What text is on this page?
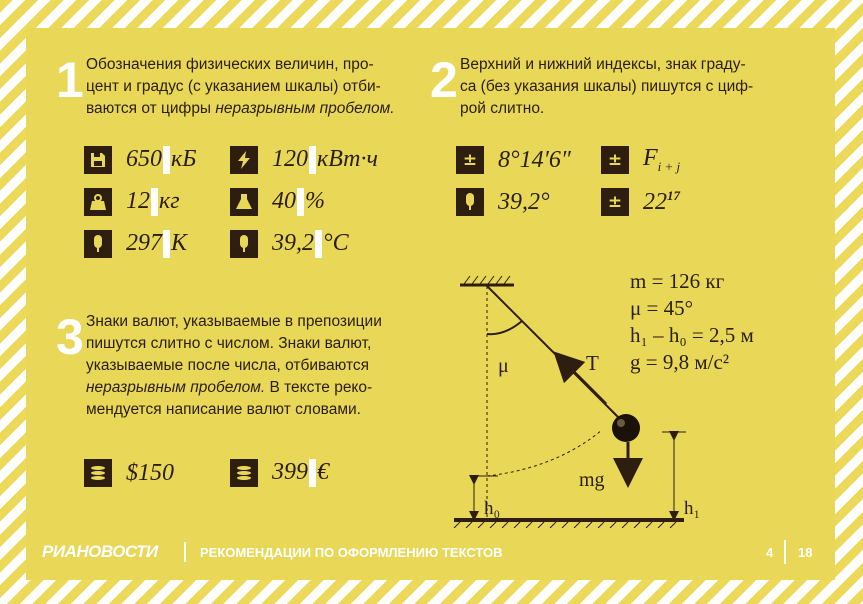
1 Обозначения физических величин, про-
цент и градус (с указанием шкалы) отби-
ваются от цифры неразрывным пробелом.
650 кБ	120 кВт·ч
12 кг	40 %
297 К	39,2 °С
2 Верхний и нижний индексы, знак граду-
са (без указания шкалы) пишутся с циф-
рой слитно.
± 8°14′6″	± $F_{i + j}$
39,2°	± $22^{17}$
3 Знаки валют, указываемые в препозиции
пишутся слитно с числом. Знаки валют,
указываемые после числа, отбиваются
неразрывным пробелом. В тексте реко-
мендуется написание валют словами.
$150	399 €
μ	T
mg
h₀	h₁
m = 126 кг
μ = 45°
h₁ – h₀ = 2,5 м
g = 9,8 м/с²
РИАНОВОСТИ	РЕКОМЕНДАЦИИ ПО ОФОРМЛЕНИЮ ТЕКСТОВ	4 18
